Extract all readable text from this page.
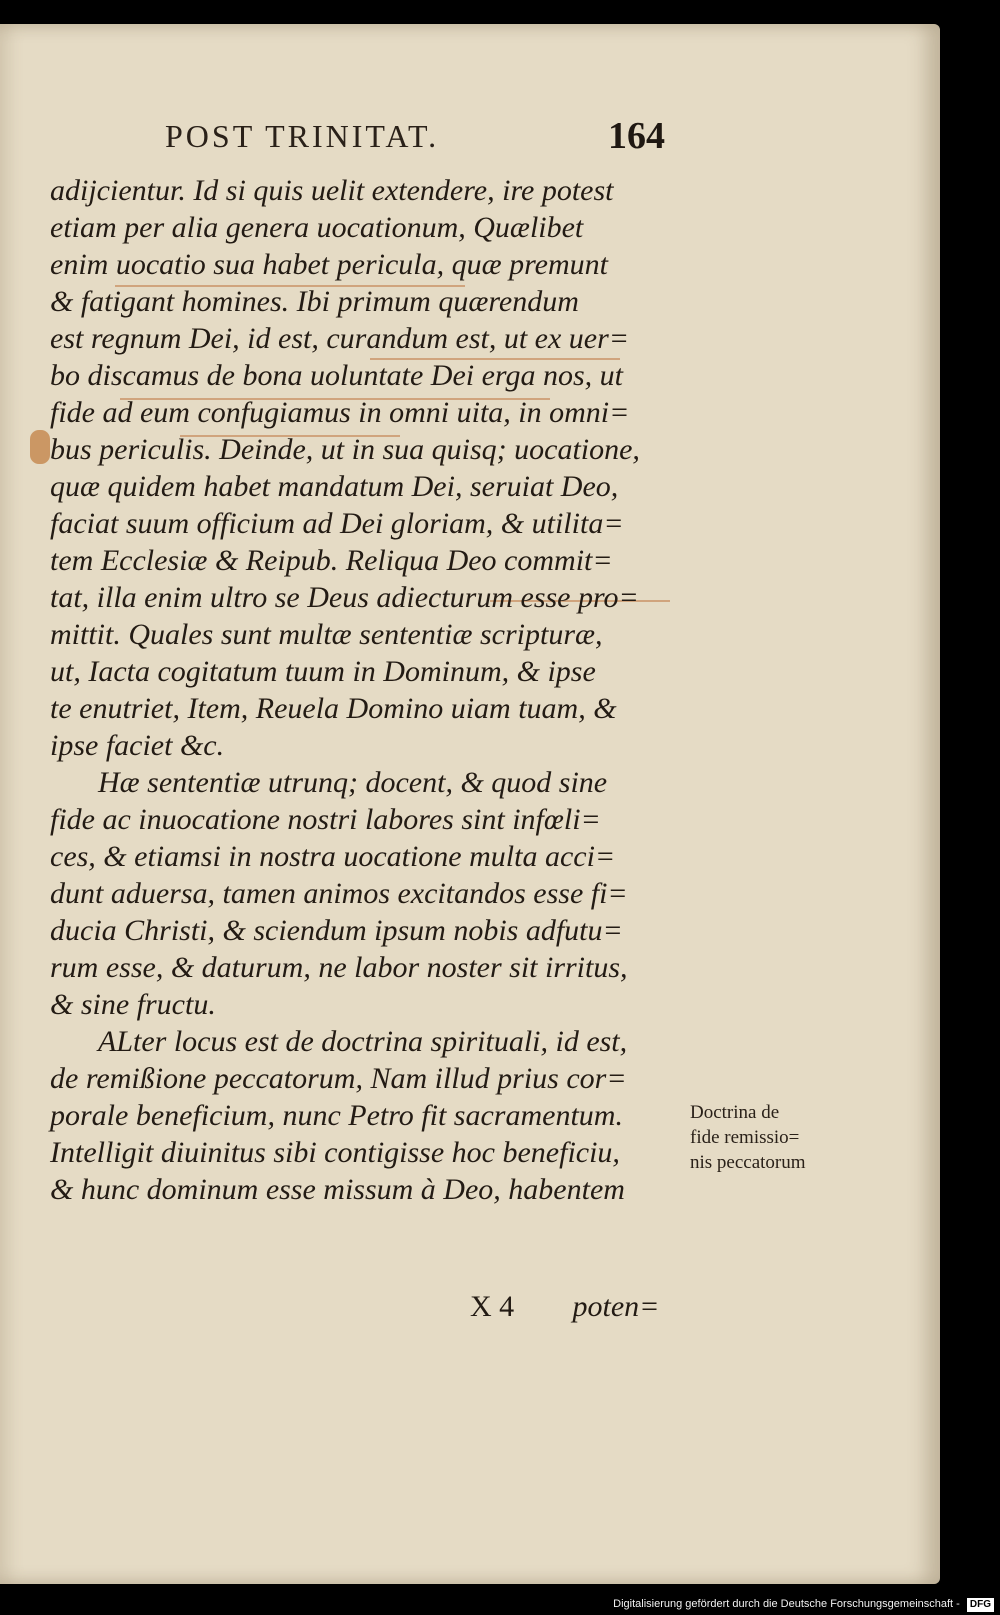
POST TRINITAT.	164
adijcientur. Id si quis uelit extendere, ire potest
etiam per alia genera uocationum, Quælibet
enim uocatio sua habet pericula, quæ premunt
& fatigant homines. Ibi primum quærendum
est regnum Dei, id est, curandum est, ut ex uer=
bo discamus de bona uoluntate Dei erga nos, ut
fide ad eum confugiamus in omni uita, in omni=
bus periculis. Deinde, ut in sua quisq; uocatione,
quæ quidem habet mandatum Dei, seruiat Deo,
faciat suum officium ad Dei gloriam, & utilita=
tem Ecclesiæ & Reipub. Reliqua Deo commit=
tat, illa enim ultro se Deus adiecturum esse pro=
mittit. Quales sunt multæ sententiæ scripturæ,
ut, Iacta cogitatum tuum in Dominum, & ipse
te enutriet, Item, Reuela Domino uiam tuam, &
ipse faciet &c.
Hæ sententiæ utrunq; docent, & quod sine
fide ac inuocatione nostri labores sint infœli=
ces, & etiamsi in nostra uocatione multa acci=
dunt aduersa, tamen animos excitandos esse fi=
ducia Christi, & sciendum ipsum nobis adfutu=
rum esse, & daturum, ne labor noster sit irritus,
& sine fructu.
ALter locus est de doctrina spirituali, id est,
de remißione peccatorum, Nam illud prius cor=
porale beneficium, nunc Petro fit sacramentum.
Intelligit diuinitus sibi contigisse hoc beneficiu,
& hunc dominum esse missum à Deo, habentem
Doctrina de
fide remissio=
nis peccatorum
X 4 poten=
Digitalisierung gefördert durch die Deutsche Forschungsgemeinschaft - DFG
